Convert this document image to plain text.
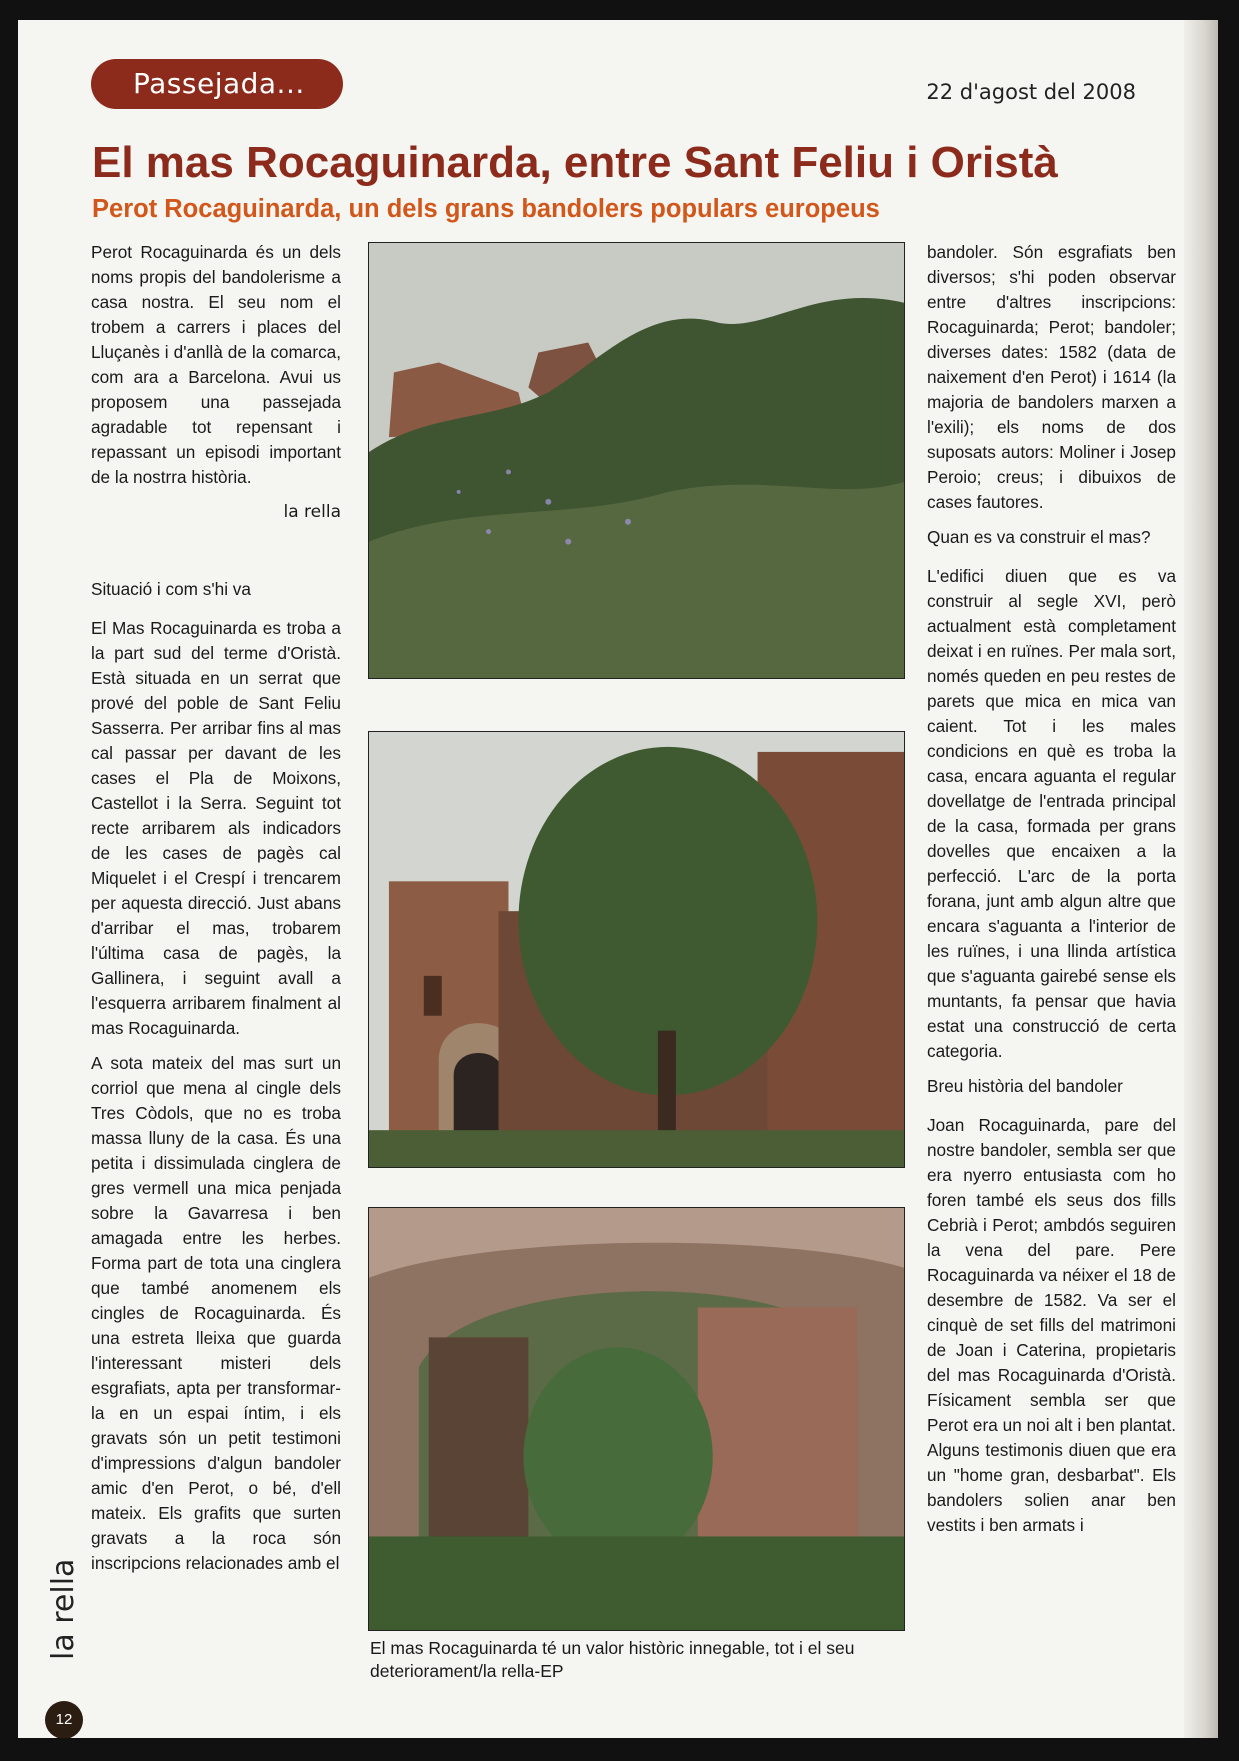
Passejada...	22 d'agost del 2008
El mas Rocaguinarda, entre Sant Feliu i Oristà
Perot Rocaguinarda, un dels grans bandolers populars europeus

Perot Rocaguinarda és un dels noms propis del bandolerisme a casa nostra. El seu nom el trobem a carrers i places del Lluçanès i d'anllà de la comarca, com ara a Barcelona. Avui us proposem una passejada agradable tot repensant i repassant un episodi important de la nostrra història.

la rella

Situació i com s'hi va

El Mas Rocaguinarda es troba a la part sud del terme d'Oristà. Està situada en un serrat que prové del poble de Sant Feliu Sasserra. Per arribar fins al mas cal passar per davant de les cases el Pla de Moixons, Castellot i la Serra. Seguint tot recte arribarem als indicadors de les cases de pagès cal Miquelet i el Crespí i trencarem per aquesta direcció. Just abans d'arribar el mas, trobarem l'última casa de pagès, la Gallinera, i seguint avall a l'esquerra arribarem finalment al mas Rocaguinarda.

A sota mateix del mas surt un corriol que mena al cingle dels Tres Còdols, que no es troba massa lluny de la casa. És una petita i dissimulada cinglera de gres vermell una mica penjada sobre la Gavarresa i ben amagada entre les herbes. Forma part de tota una cinglera que també anomenem els cingles de Rocaguinarda. És una estreta lleixa que guarda l'interessant misteri dels esgrafiats, apta per transformar-la en un espai íntim, i els gravats són un petit testimoni d'impressions d'algun bandoler amic d'en Perot, o bé, d'ell mateix. Els grafits que surten gravats a la roca són inscripcions relacionades amb el

El mas Rocaguinarda té un valor històric innegable, tot i el seu deteriorament/la rella-EP

bandoler. Són esgrafiats ben diversos; s'hi poden observar entre d'altres inscripcions: Rocaguinarda; Perot; bandoler; diverses dates: 1582 (data de naixement d'en Perot) i 1614 (la majoria de bandolers marxen a l'exili); els noms de dos suposats autors: Moliner i Josep Peroio; creus; i dibuixos de cases fautores.

Quan es va construir el mas?

L'edifici diuen que es va construir al segle XVI, però actualment està completament deixat i en ruïnes. Per mala sort, només queden en peu restes de parets que mica en mica van caient. Tot i les males condicions en què es troba la casa, encara aguanta el regular dovellatge de l'entrada principal de la casa, formada per grans dovelles que encaixen a la perfecció. L'arc de la porta forana, junt amb algun altre que encara s'aguanta a l'interior de les ruïnes, i una llinda artística que s'aguanta gairebé sense els muntants, fa pensar que havia estat una construcció de certa categoria.

Breu història del bandoler

Joan Rocaguinarda, pare del nostre bandoler, sembla ser que era nyerro entusiasta com ho foren també els seus dos fills Cebrià i Perot; ambdós seguiren la vena del pare. Pere Rocaguinarda va néixer el 18 de desembre de 1582. Va ser el cinquè de set fills del matrimoni de Joan i Caterina, propietaris del mas Rocaguinarda d'Oristà. Físicament sembla ser que Perot era un noi alt i ben plantat. Alguns testimonis diuen que era un "home gran, desbarbat". Els bandolers solien anar ben vestits i ben armats i

la rella
12
